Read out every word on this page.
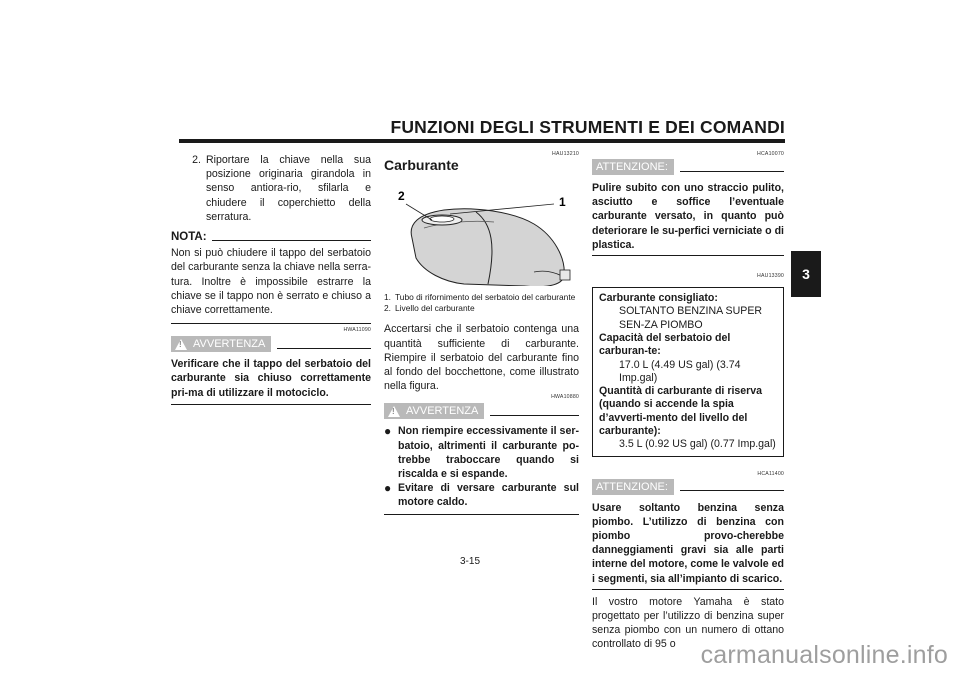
FUNZIONI DEGLI STRUMENTI E DEI COMANDI
3
2. Riportare la chiave nella sua posizione originaria girandola in senso antiora-rio, sfilarla e chiudere il coperchietto della serratura.
NOTA:
Non si può chiudere il tappo del serbatoio del carburante senza la chiave nella serra-tura. Inoltre è impossibile estrarre la chiave se il tappo non è serrato e chiuso a chiave correttamente.
HWA11090
! AVVERTENZA
Verificare che il tappo del serbatoio del carburante sia chiuso correttamente pri-ma di utilizzare il motociclo.
HAU13210
Carburante
2	1
1. Tubo di rifornimento del serbatoio del carburante
2. Livello del carburante
Accertarsi che il serbatoio contenga una quantità sufficiente di carburante. Riempire il serbatoio del carburante fino al fondo del bocchettone, come illustrato nella figura.
HWA10880
! AVVERTENZA
● Non riempire eccessivamente il ser-batoio, altrimenti il carburante po-trebbe traboccare quando si riscalda e si espande.
● Evitare di versare carburante sul motore caldo.
HCA10070
ATTENZIONE:
Pulire subito con uno straccio pulito, asciutto e soffice l’eventuale carburante versato, in quanto può deteriorare le su-perfici verniciate o di plastica.
HAU13390
Carburante consigliato:
SOLTANTO BENZINA SUPER SEN-ZA PIOMBO
Capacità del serbatoio del carburan-te:
17.0 L (4.49 US gal) (3.74 Imp.gal)
Quantità di carburante di riserva (quando si accende la spia d’avverti-mento del livello del carburante):
3.5 L (0.92 US gal) (0.77 Imp.gal)
HCA11400
ATTENZIONE:
Usare soltanto benzina senza piombo. L’utilizzo di benzina con piombo provo-cherebbe danneggiamenti gravi sia alle parti interne del motore, come le valvole ed i segmenti, sia all’impianto di scarico.
Il vostro motore Yamaha è stato progettato per l’utilizzo di benzina super senza piombo con un numero di ottano controllato di 95 o
3-15
carmanualsonline.info
